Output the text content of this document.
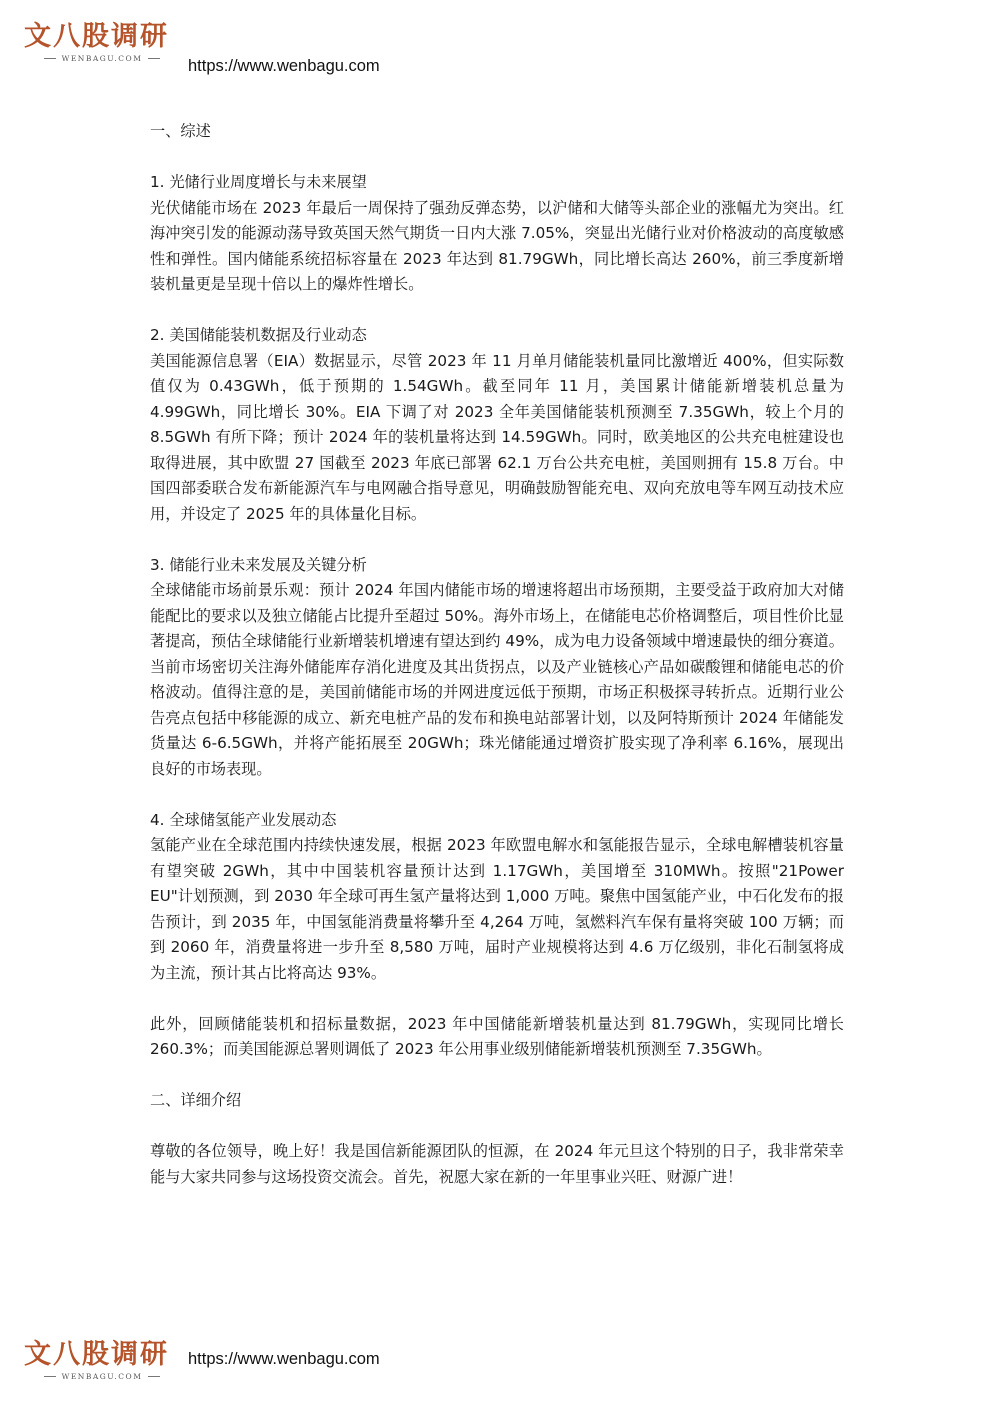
文八股调研
WENBAGU.COM	https://www.wenbagu.com

一、综述

1. 光储行业周度增长与未来展望

光伏储能市场在 2023 年最后一周保持了强劲反弹态势，以沪储和大储等头部企业的涨幅尤为突出。红海冲突引发的能源动荡导致英国天然气期货一日内大涨 7.05%，突显出光储行业对价格波动的高度敏感性和弹性。国内储能系统招标容量在 2023 年达到 81.79GWh，同比增长高达 260%，前三季度新增装机量更是呈现十倍以上的爆炸性增长。

2. 美国储能装机数据及行业动态

美国能源信息署（EIA）数据显示，尽管 2023 年 11 月单月储能装机量同比激增近 400%，但实际数值仅为 0.43GWh，低于预期的 1.54GWh。截至同年 11 月，美国累计储能新增装机总量为 4.99GWh，同比增长 30%。EIA 下调了对 2023 全年美国储能装机预测至 7.35GWh，较上个月的 8.5GWh 有所下降；预计 2024 年的装机量将达到 14.59GWh。同时，欧美地区的公共充电桩建设也取得进展，其中欧盟 27 国截至 2023 年底已部署 62.1 万台公共充电桩，美国则拥有 15.8 万台。中国四部委联合发布新能源汽车与电网融合指导意见，明确鼓励智能充电、双向充放电等车网互动技术应用，并设定了 2025 年的具体量化目标。

3. 储能行业未来发展及关键分析

全球储能市场前景乐观：预计 2024 年国内储能市场的增速将超出市场预期，主要受益于政府加大对储能配比的要求以及独立储能占比提升至超过 50%。海外市场上，在储能电芯价格调整后，项目性价比显著提高，预估全球储能行业新增装机增速有望达到约 49%，成为电力设备领域中增速最快的细分赛道。当前市场密切关注海外储能库存消化进度及其出货拐点，以及产业链核心产品如碳酸锂和储能电芯的价格波动。值得注意的是，美国前储能市场的并网进度远低于预期，市场正积极探寻转折点。近期行业公告亮点包括中移能源的成立、新充电桩产品的发布和换电站部署计划，以及阿特斯预计 2024 年储能发货量达 6-6.5GWh，并将产能拓展至 20GWh；珠光储能通过增资扩股实现了净利率 6.16%，展现出良好的市场表现。

4. 全球储氢能产业发展动态

氢能产业在全球范围内持续快速发展，根据 2023 年欧盟电解水和氢能报告显示，全球电解槽装机容量有望突破 2GWh，其中中国装机容量预计达到 1.17GWh，美国增至 310MWh。按照"21Power EU"计划预测，到 2030 年全球可再生氢产量将达到 1,000 万吨。聚焦中国氢能产业，中石化发布的报告预计，到 2035 年，中国氢能消费量将攀升至 4,264 万吨，氢燃料汽车保有量将突破 100 万辆；而到 2060 年，消费量将进一步升至 8,580 万吨，届时产业规模将达到 4.6 万亿级别，非化石制氢将成为主流，预计其占比将高达 93%。

此外，回顾储能装机和招标量数据，2023 年中国储能新增装机量达到 81.79GWh，实现同比增长 260.3%；而美国能源总署则调低了 2023 年公用事业级别储能新增装机预测至 7.35GWh。

二、详细介绍

尊敬的各位领导，晚上好！我是国信新能源团队的恒源，在 2024 年元旦这个特别的日子，我非常荣幸能与大家共同参与这场投资交流会。首先，祝愿大家在新的一年里事业兴旺、财源广进！

文八股调研
WENBAGU.COM
https://www.wenbagu.com
